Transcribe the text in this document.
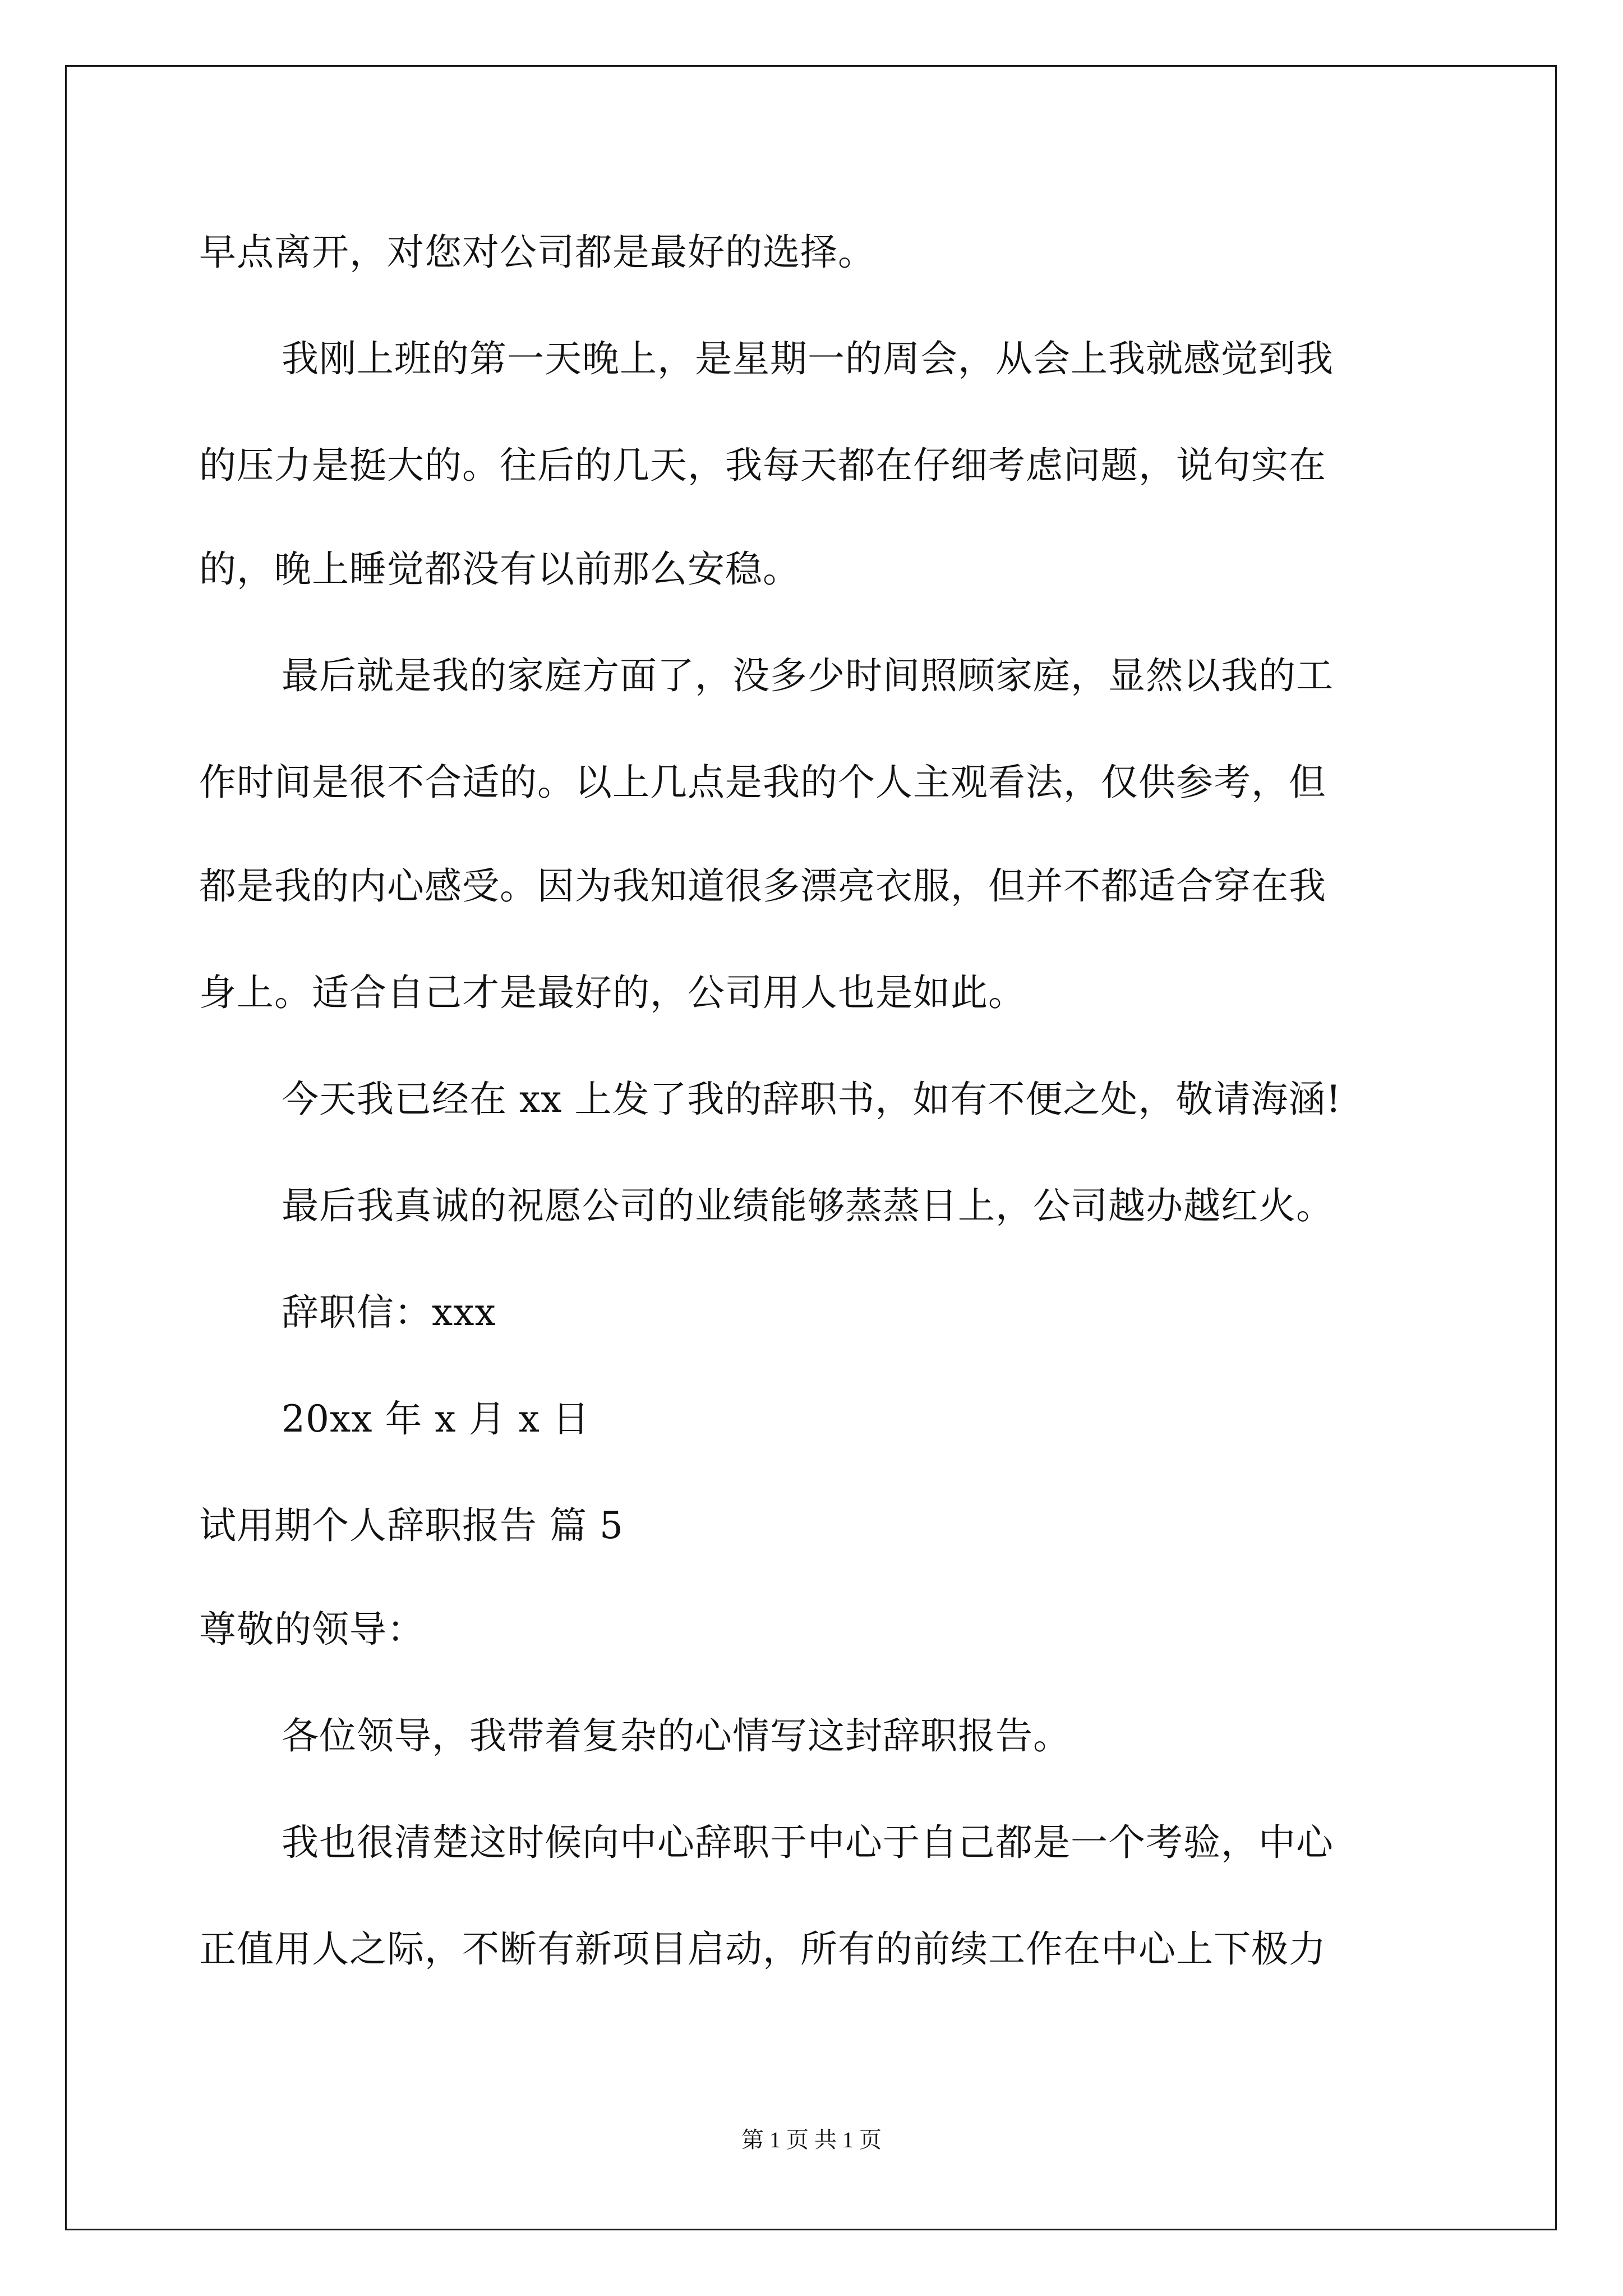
早点离开，对您对公司都是最好的选择。
我刚上班的第一天晚上，是星期一的周会，从会上我就感觉到我
的压力是挺大的。往后的几天，我每天都在仔细考虑问题，说句实在
的，晚上睡觉都没有以前那么安稳。
最后就是我的家庭方面了，没多少时间照顾家庭，显然以我的工
作时间是很不合适的。以上几点是我的个人主观看法，仅供参考，但
都是我的内心感受。因为我知道很多漂亮衣服，但并不都适合穿在我
身上。适合自己才是最好的，公司用人也是如此。
今天我已经在 xx 上发了我的辞职书，如有不便之处，敬请海涵!
最后我真诚的祝愿公司的业绩能够蒸蒸日上，公司越办越红火。
辞职信：xxx
20xx 年 x 月 x 日
试用期个人辞职报告 篇 5
尊敬的领导：
各位领导，我带着复杂的心情写这封辞职报告。
我也很清楚这时候向中心辞职于中心于自己都是一个考验，中心
正值用人之际，不断有新项目启动，所有的前续工作在中心上下极力
第 1 页 共 1 页
